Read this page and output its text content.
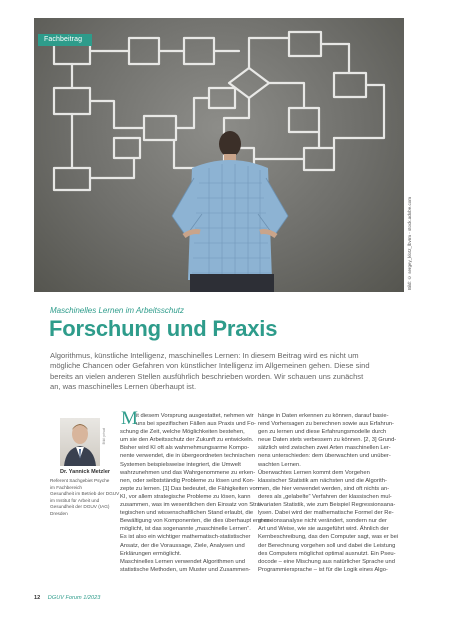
Fachbeitrag
Bild: © sergey_klotz_lbvrm - stock.adobe.com
Maschinelles Lernen im Arbeitsschutz
Forschung und Praxis

Algorithmus, künstliche Intelligenz, maschinelles Lernen: In diesem Beitrag wird es nicht um

mögliche Chancen oder Gefahren von künstlicher Intelligenz im Allgemeinen gehen. Diese sind

bereits an vielen anderen Stellen ausführlich beschrieben worden. Wir schauen uns zunächst

an, was maschinelles Lernen überhaupt ist.

Bild: privat
Dr. Yannick Metzler

Referent Sachgebiet Psyche

im Fachbereich

Gesundheit im Betrieb der DGUV

im Institut für Arbeit und

Gesundheit der DGUV (IAG)

Dresden

M

it diesem Vorsprung ausgestattet, nehmen wir

uns bei spezifischen Fällen aus Praxis und Fo-

schung die Zeit, welche Möglichkeiten bestehen,

um sie den Arbeitsschutz der Zukunft zu entwickeln.

Bisher wird KI oft als wahrnehmungsarme Kompo-

nente verwendet, die in übergeordneten technischen

Systemen beispielsweise integriert, die Umwelt

wahrzunehmen und das Wahrgenommene zu erken-

nen, oder selbstständig Probleme zu lösen und Kon-

zepte zu lernen. [1] Das bedeutet, die Fähigkeiten von

KI, vor allem strategische Probleme zu lösen, kann

zusammen, was im wesentlichen den Einsatz von Stra-

tegischen und wissenschaftlichen Stand erlaubt, die

Bewältigung von Komponenten, die dies überhaupt erst er-

möglicht, ist das sogenannte „maschinelle Lernen“.

Es ist also ein wichtiger mathematisch-statistischer

Ansatz, der die Voraussage, Ziele, Analysen und

Erklärungen ermöglicht.

Maschinelles Lernen verwendet Algorithmen und

statistische Methoden, um Muster und Zusammen-

hänge in Daten erkennen zu können, darauf basie-

rend Vorhersagen zu berechnen sowie aus Erfahrun-

gen zu lernen und diese Erfahrungsmodelle durch

neue Daten stets verbessern zu können. [2, 3] Grund-

sätzlich wird zwischen zwei Arten maschinellen Ler-

nens unterschieden: dem überwachten und unüber-

wachten Lernen.

Überwachtes Lernen kommt dem Vorgehen

klassischer Statistik am nächsten und die Algorith-

men, die hier verwendet werden, sind oft nichts an-

deres als „gelabelte“ Verfahren der klassischen mul-

tivariaten Statistik, wie zum Beispiel Regressionsana-

lysen. Dabei wird der mathematische Formel der Re-

gressionsanalyse nicht verändert, sondern nur der

Art und Weise, wie sie ausgeführt wird. Ähnlich der

Kernbeschreibung, das den Computer sagt, was er bei

der Berechnung vorgehen soll und dabei die Leistung

des Computers möglichst optimal ausnutzt. Ein Pseu-

docode – eine Mischung aus natürlicher Sprache und

Programmiersprache – ist für die Logik eines Algo-

12 DGUV Forum 1/2023
